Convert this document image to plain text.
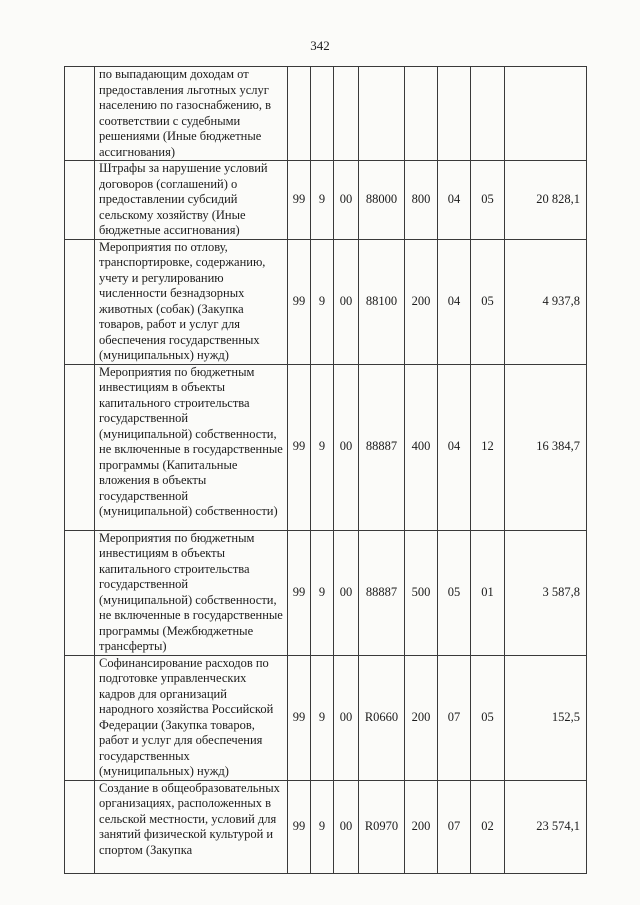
342
	по выпадающим доходам от предоставления льготных услуг населению по газоснабжению, в соответствии с судебными решениями (Иные бюджетные ассигнования)								
	Штрафы за нарушение условий договоров (соглашений) о предоставлении субсидий сельскому хозяйству (Иные бюджетные ассигнования)	99	9	00	88000	800	04	05	20 828,1
	Мероприятия по отлову, транспортировке, содержанию, учету и регулированию численности безнадзорных животных (собак) (Закупка товаров, работ и услуг для обеспечения государственных (муниципальных) нужд)	99	9	00	88100	200	04	05	4 937,8
	Мероприятия по бюджетным инвестициям в объекты капитального строительства государственной (муниципальной) собственности, не включенные в государственные программы (Капитальные вложения в объекты государственной (муниципальной) собственности)	99	9	00	88887	400	04	12	16 384,7
	Мероприятия по бюджетным инвестициям в объекты капитального строительства государственной (муниципальной) собственности, не включенные в государственные программы (Межбюджетные трансферты)	99	9	00	88887	500	05	01	3 587,8
	Софинансирование расходов по подготовке управленческих кадров для организаций народного хозяйства Российской Федерации (Закупка товаров, работ и услуг для обеспечения государственных (муниципальных) нужд)	99	9	00	R0660	200	07	05	152,5
	Создание в общеобразовательных организациях, расположенных в сельской местности, условий для занятий физической культурой и спортом (Закупка	99	9	00	R0970	200	07	02	23 574,1
